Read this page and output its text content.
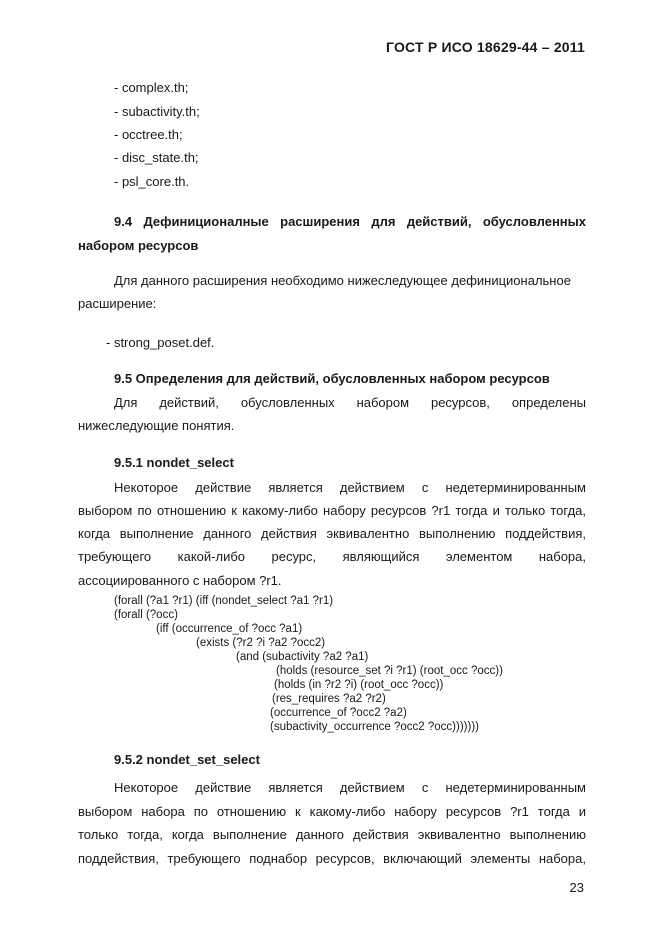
ГОСТ Р ИСО 18629-44 – 2011
- complex.th;
- subactivity.th;
- occtree.th;
- disc_state.th;
- psl_core.th.
9.4 Дефиниционалные расширения для действий, обусловленных
набором ресурсов
Для данного расширения необходимо нижеследующее дефинициональное
расширение:
- strong_poset.def.
9.5 Определения для действий, обусловленных набором ресурсов
Для действий, обусловленных набором ресурсов, определены
нижеследующие понятия.
9.5.1 nondet_select
Некоторое действие является действием с недетерминированным
выбором по отношению к какому-либо набору ресурсов ?r1 тогда и только тогда,
когда выполнение данного действия эквивалентно выполнению поддействия,
требующего какой-либо ресурс, являющийся элементом набора,
ассоциированного с набором ?r1.
(forall (?a1 ?r1) (iff (nondet_select ?a1 ?r1)
(forall (?occ)
(iff (occurrence_of ?occ ?a1)
(exists (?r2 ?i ?a2 ?occ2)
(and (subactivity ?a2 ?a1)
(holds (resource_set ?i ?r1) (root_occ ?occ))
(holds (in ?r2 ?i) (root_occ ?occ))
(res_requires ?a2 ?r2)
(occurrence_of ?occ2 ?a2)
(subactivity_occurrence ?occ2 ?occ)))))))
9.5.2 nondet_set_select
Некоторое действие является действием с недетерминированным
выбором набора по отношению к какому-либо набору ресурсов ?r1 тогда и
только тогда, когда выполнение данного действия эквивалентно выполнению
поддействия, требующего поднабор ресурсов, включающий элементы набора,
23
